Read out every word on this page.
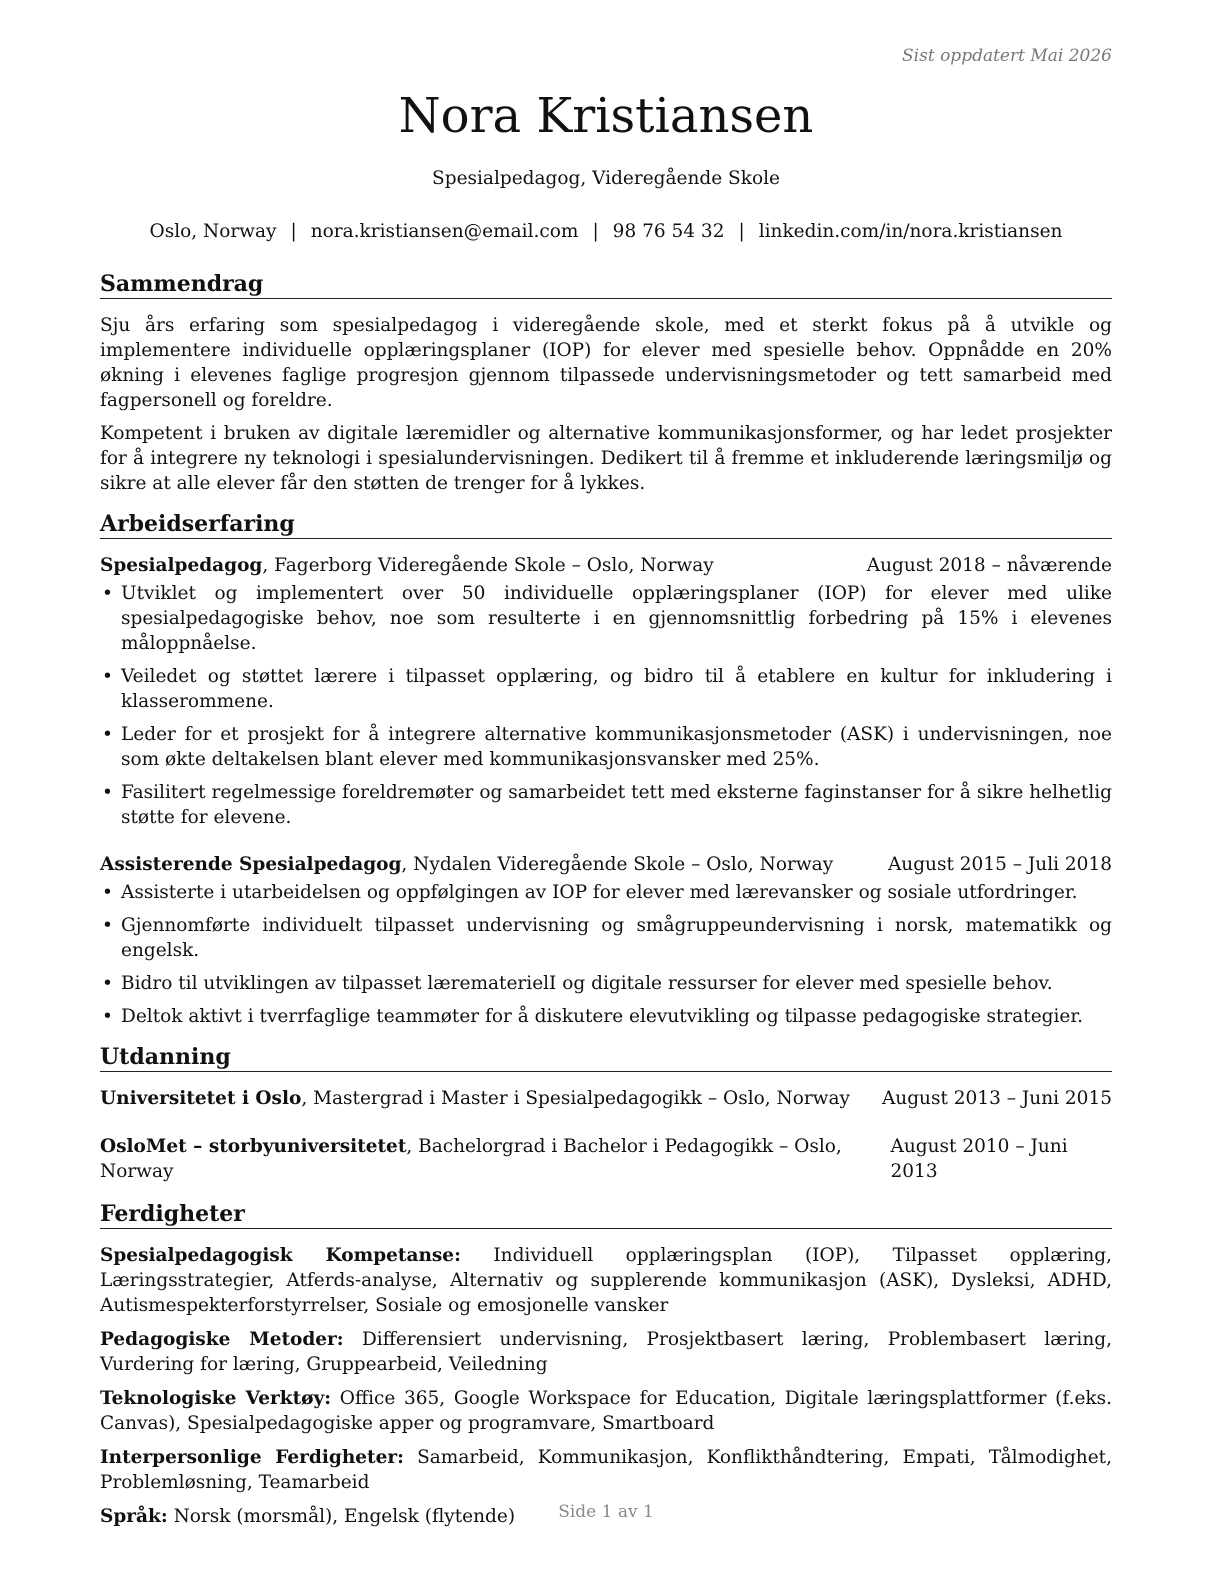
Sist oppdatert Mai 2026
Nora Kristiansen
Spesialpedagog, Videregående Skole
Oslo, Norway | nora.kristiansen@email.com | 98 76 54 32 | linkedin.com/in/nora.kristiansen
Sammendrag

Sju års erfaring som spesialpedagog i videregående skole, med et sterkt fokus på å utvikle og implementere individuelle opplæringsplaner (IOP) for elever med spesielle behov. Oppnådde en 20% økning i elevenes faglige progresjon gjennom tilpassede undervisningsmetoder og tett samarbeid med fagpersonell og foreldre.

Kompetent i bruken av digitale læremidler og alternative kommunikasjonsformer, og har ledet prosjekter for å integrere ny teknologi i spesialundervisningen. Dedikert til å fremme et inkluderende læringsmiljø og sikre at alle elever får den støtten de trenger for å lykkes.

Arbeidserfaring
Spesialpedagog, Fagerborg Videregående Skole – Oslo, Norway	August 2018 – nåværende
• Utviklet og implementert over 50 individuelle opplæringsplaner (IOP) for elever med ulike spesialpedagogiske behov, noe som resulterte i en gjennomsnittlig forbedring på 15% i elevenes måloppnåelse.
• Veiledet og støttet lærere i tilpasset opplæring, og bidro til å etablere en kultur for inkludering i klasserommene.
• Leder for et prosjekt for å integrere alternative kommunikasjonsmetoder (ASK) i undervisningen, noe som økte deltakelsen blant elever med kommunikasjonsvansker med 25%.
• Fasilitert regelmessige foreldremøter og samarbeidet tett med eksterne faginstanser for å sikre helhetlig støtte for elevene.
Assisterende Spesialpedagog, Nydalen Videregående Skole – Oslo, Norway	August 2015 – Juli 2018
• Assisterte i utarbeidelsen og oppfølgingen av IOP for elever med lærevansker og sosiale utfordringer.
• Gjennomførte individuelt tilpasset undervisning og smågruppeundervisning i norsk, matematikk og engelsk.
• Bidro til utviklingen av tilpasset lærematerielI og digitale ressurser for elever med spesielle behov.
• Deltok aktivt i tverrfaglige teammøter for å diskutere elevutvikling og tilpasse pedagogiske strategier.
Utdanning
Universitetet i Oslo, Mastergrad i Master i Spesialpedagogikk – Oslo, Norway August 2013 – Juni 2015
OsloMet – storbyuniversitetet, Bachelorgrad i Bachelor i Pedagogikk – Oslo, Norway
August 2010 – Juni 2013
Ferdigheter
Spesialpedagogisk Kompetanse: Individuell opplæringsplan (IOP), Tilpasset opplæring, Læringsstrategier, Atferds-analyse, Alternativ og supplerende kommunikasjon (ASK), Dysleksi, ADHD, Autismespekterforstyrrelser, Sosiale og emosjonelle vansker
Pedagogiske Metoder: Differensiert undervisning, Prosjektbasert læring, Problembasert læring, Vurdering for læring, Gruppearbeid, Veiledning
Teknologiske Verktøy: Office 365, Google Workspace for Education, Digitale læringsplattformer (f.eks. Canvas), Spesialpedagogiske apper og programvare, Smartboard
Interpersonlige Ferdigheter: Samarbeid, Kommunikasjon, Konflikthåndtering, Empati, Tålmodighet, Problemløsning, Teamarbeid
Språk: Norsk (morsmål), Engelsk (flytende)	Side 1 av 1
